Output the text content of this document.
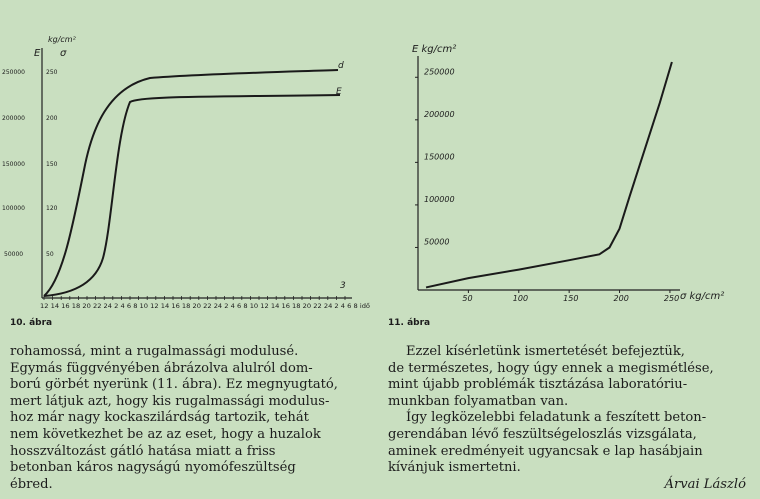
E
kg/cm²
σ
250000	250
200000	200
150000	150
100000	120
50000	50
d
E
3
12 14 16 18 20 22 24 2 4 6 8 10 12 14 16 18 20 22 24 2 4 6 8 10 12 14 16 18 20 22 24 2 4 6 8 idő
10. ábra
E kg/cm²
σ kg/cm²
50000
100000
150000
200000
250000
50	100	150	200	250
11. ábra
rohamossá, mint a rugalmassági modulusé.
Egymás függvényében ábrázolva alulról dom-
ború görbét nyerünk (11. ábra). Ez megnyugtató,
mert látjuk azt, hogy kis rugalmassági modulus-
hoz már nagy kockaszilárdság tartozik, tehát
nem következhet be az az eset, hogy a huzalok
hosszváltozást gátló hatása miatt a friss
betonban káros nagyságú nyomófeszültség
ébred.
Ezzel kísérletünk ismertetését befejeztük,
de természetes, hogy úgy ennek a megismétlése,
mint újabb problémák tisztázása laboratóriu-
munkban folyamatban van.
Így legközelebbi feladatunk a feszített beton-
gerendában lévő feszültségeloszlás vizsgálata,
aminek eredményeit ugyancsak e lap hasábjain
kívánjuk ismertetni.
Árvai László
